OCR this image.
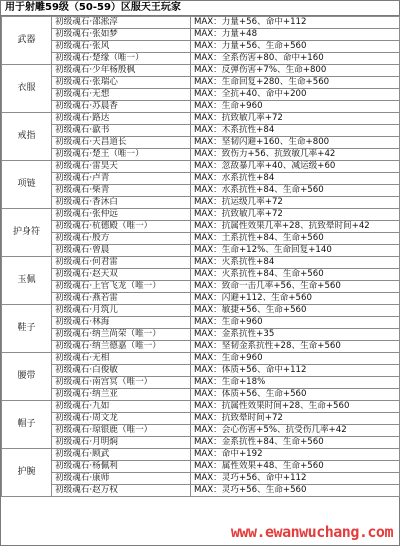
用于射雕59级（50-59）区服天王玩家
武器	初级魂石·邵淞淳	MAX：力量+56、命中+112
	初级魂石·张如梦	MAX：力量+48
	初级魂石·张风	MAX：力量+56、生命+560
	初级魂石·楚缘（唯一）	MAX：全系伤害+80、命中+160
衣服	初级魂石·少年杨殷枫	MAX：反弹伤害+7%、生命+800
	初级魂石·张瑞心	MAX：生命回复+280、生命+560
	初级魂石·无想	MAX：全抗+40、命中+200
	初级魂石·苏晨香	MAX：生命+960
戒指	初级魂石·路达	MAX：抗致敏几率+72
	初级魂石·歙书	MAX：木系抗性+84
	初级魂石·天昌道长	MAX：坚韧闪避+160、生命+800
	初级魂石·楚王（唯一）	MAX：致伤力+56、抗致敏几率+42
项链	初级魂石·雷昊天	MAX：忽敌暴几率+40、减运级+60
	初级魂石·卢青	MAX：水系抗性+84
	初级魂石·柴青	MAX：水系抗性+84、生命+560
	初级魂石·香沐白	MAX：抗运级几率+72
护身符	初级魂石·张仲远	MAX：抗致敏几率+72
	初级魂石·杭德殿（唯一）	MAX：抗属性效果几率+28、抗致晕时间+42
	初级魂石·殷方	MAX：土系抗性+84、生命+560
	初级魂石·曾晨	MAX：生命+12%、生命回复+140
玉佩	初级魂石·何君雷	MAX：火系抗性+84
	初级魂石·赵天双	MAX：火系抗性+84、生命+560
	初级魂石·上官飞龙（唯一）	MAX：致命一击几率+56、生命+560
	初级魂石·燕若雷	MAX：闪避+112、生命+560
鞋子	初级魂石·月筑儿	MAX：敏捷+56、生命+560
	初级魂石·林海	MAX：生命+960
	初级魂石·纳兰尚荣（唯一）	MAX：金系抗性+35
	初级魂石·纳兰德嘉（唯一）	MAX：坚韧金系抗性+28、生命+560
腰带	初级魂石·无相	MAX：生命+960
	初级魂石·白俊敏	MAX：体质+56、命中+112
	初级魂石·南宫冥（唯一）	MAX：生命+18%
	初级魂石·纳兰亚	MAX：体质+56、生命+560
帽子	初级魂石·九如	MAX：抗属性效果时间+28、生命+560
	初级魂石·周文龙	MAX：抗致晕时间+72
	初级魂石·琼银鹿（唯一）	MAX：会心伤害+5%、抗受伤几率+42
	初级魂石·月明焖	MAX：金系抗性+84、生命+560
护腕	初级魂石·顾武	MAX：命中+192
	初级魂石·杨佩利	MAX：属性效果+48、生命+560
	初级魂石·康师	MAX：灵巧+56、命中+112
	初级魂石·赵万权	MAX：灵巧+56、生命+560
www.ewanwuchang.com
